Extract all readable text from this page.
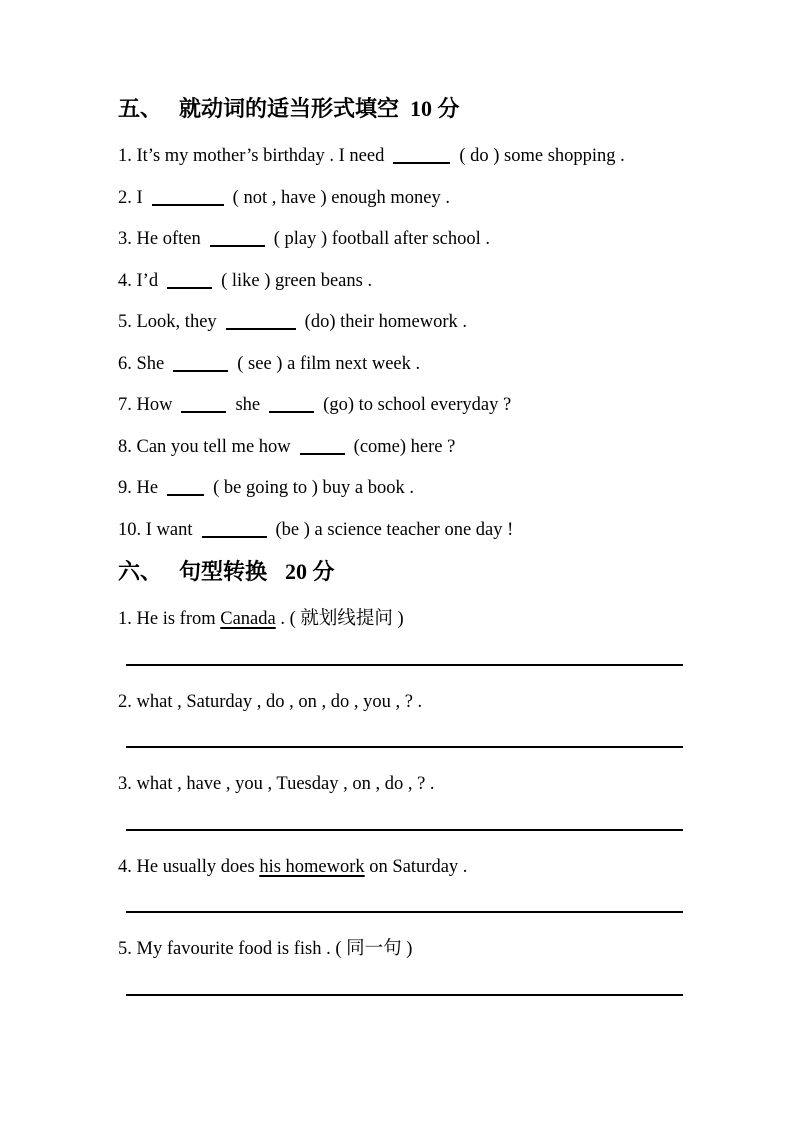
五、 就动词的适当形式填空 10 分

1. It’s my mother’s birthday . I need	( do ) some shopping .

2. I	( not , have ) enough money .

3. He often	( play ) football after school .

4. I’d	( like ) green beans .

5. Look, they	(do) their homework .

6. She	( see ) a film next week .

7. How	she	(go) to school everyday ?

8. Can you tell me how	(come) here ?

9. He	( be going to ) buy a book .

10. I want	(be ) a science teacher one day !

六、 句型转换 20 分

1. He is from Canada . ( 就划线提问 )

2. what , Saturday , do , on , do , you , ? .

3. what , have , you , Tuesday , on , do , ? .

4. He usually does his homework on Saturday .

5. My favourite food is fish . ( 同一句 )
